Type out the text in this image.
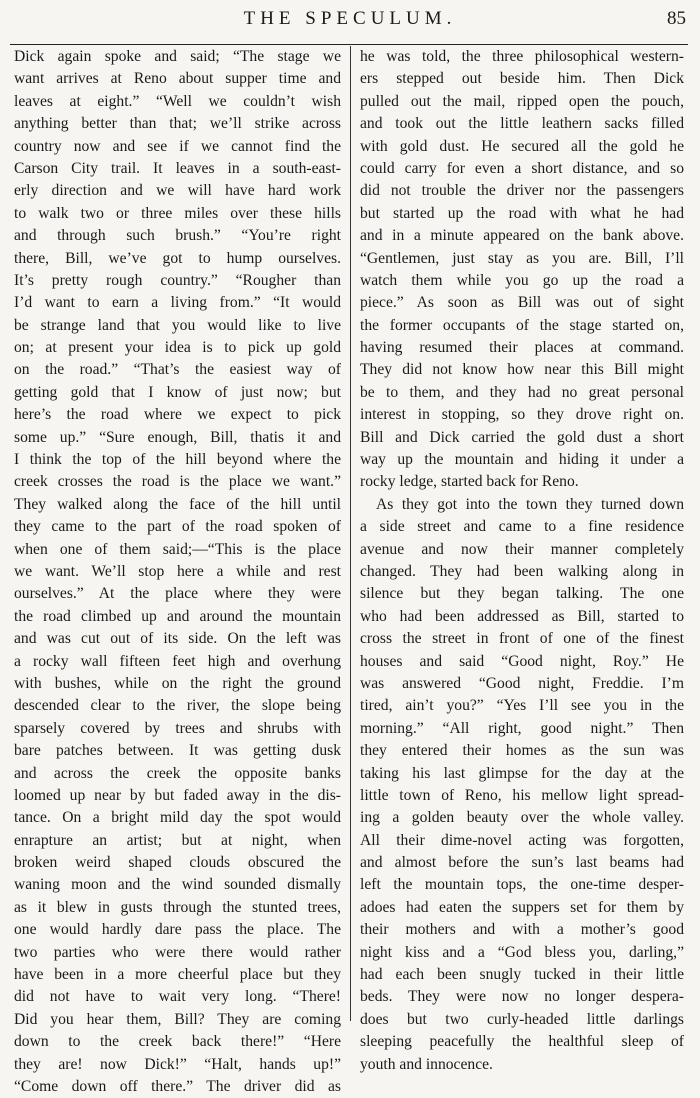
THE SPECULUM.	85
Dick again spoke and said; “The stage we
want arrives at Reno about supper time and
leaves at eight.” “Well we couldn’t wish
anything better than that; we’ll strike across
country now and see if we cannot find the
Carson City trail. It leaves in a south-east-
erly direction and we will have hard work
to walk two or three miles over these hills
and through such brush.” “You’re right
there, Bill, we’ve got to hump ourselves.
It’s pretty rough country.” “Rougher than
I’d want to earn a living from.” “It would
be strange land that you would like to live
on; at present your idea is to pick up gold
on the road.” “That’s the easiest way of
getting gold that I know of just now; but
here’s the road where we expect to pick
some up.” “Sure enough, Bill, thatis it and
I think the top of the hill beyond where the
creek crosses the road is the place we want.”
They walked along the face of the hill until
they came to the part of the road spoken of
when one of them said;—“This is the place
we want. We’ll stop here a while and rest
ourselves.” At the place where they were
the road climbed up and around the mountain
and was cut out of its side. On the left was
a rocky wall fifteen feet high and overhung
with bushes, while on the right the ground
descended clear to the river, the slope being
sparsely covered by trees and shrubs with
bare patches between. It was getting dusk
and across the creek the opposite banks
loomed up near by but faded away in the dis-
tance. On a bright mild day the spot would
enrapture an artist; but at night, when
broken weird shaped clouds obscured the
waning moon and the wind sounded dismally
as it blew in gusts through the stunted trees,
one would hardly dare pass the place. The
two parties who were there would rather
have been in a more cheerful place but they
did not have to wait very long. “There!
Did you hear them, Bill? They are coming
down to the creek back there!” “Here
they are! now Dick!” “Halt, hands up!”
“Come down off there.” The driver did as
he was told, the three philosophical western-
ers stepped out beside him. Then Dick
pulled out the mail, ripped open the pouch,
and took out the little leathern sacks filled
with gold dust. He secured all the gold he
could carry for even a short distance, and so
did not trouble the driver nor the passengers
but started up the road with what he had
and in a minute appeared on the bank above.
“Gentlemen, just stay as you are. Bill, I’ll
watch them while you go up the road a
piece.” As soon as Bill was out of sight
the former occupants of the stage started on,
having resumed their places at command.
They did not know how near this Bill might
be to them, and they had no great personal
interest in stopping, so they drove right on.
Bill and Dick carried the gold dust a short
way up the mountain and hiding it under a
rocky ledge, started back for Reno.
As they got into the town they turned down
a side street and came to a fine residence
avenue and now their manner completely
changed. They had been walking along in
silence but they began talking. The one
who had been addressed as Bill, started to
cross the street in front of one of the finest
houses and said “Good night, Roy.” He
was answered “Good night, Freddie. I’m
tired, ain’t you?” “Yes I’ll see you in the
morning.” “All right, good night.” Then
they entered their homes as the sun was
taking his last glimpse for the day at the
little town of Reno, his mellow light spread-
ing a golden beauty over the whole valley.
All their dime-novel acting was forgotten,
and almost before the sun’s last beams had
left the mountain tops, the one-time desper-
adoes had eaten the suppers set for them by
their mothers and with a mother’s good
night kiss and a “God bless you, darling,”
had each been snugly tucked in their little
beds. They were now no longer despera-
does but two curly-headed little darlings
sleeping peacefully the healthful sleep of
youth and innocence.
